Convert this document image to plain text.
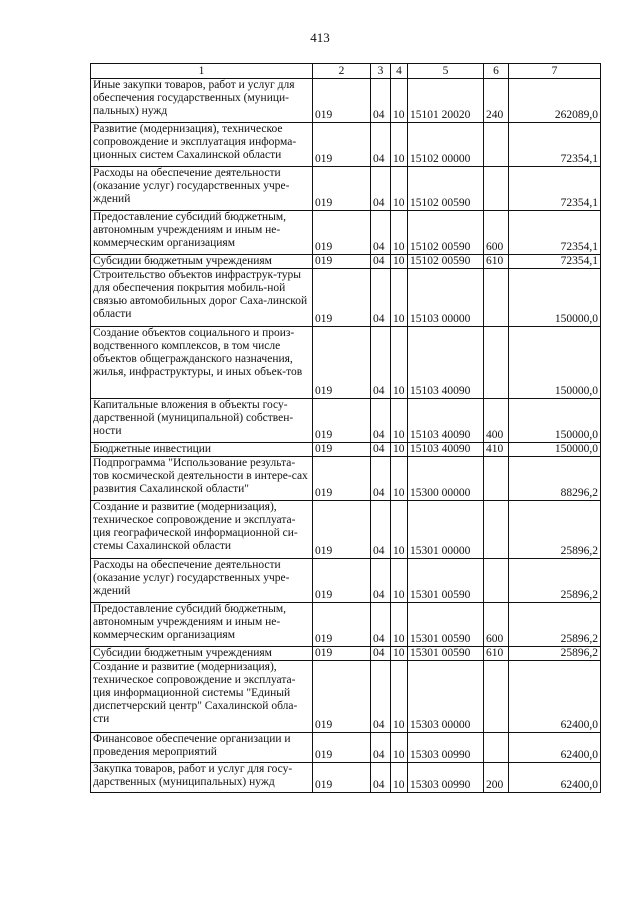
413
1	2	3	4	5	6	7
Иные закупки товаров, работ и услуг для обеспечения государственных (муници-пальных) нужд	019	04	10	15101 20020	240	262089,0
Развитие (модернизация), техническое сопровождение и эксплуатация информа-ционных систем Сахалинской области	019	04	10	15102 00000		72354,1
Расходы на обеспечение деятельности (оказание услуг) государственных учре-ждений	019	04	10	15102 00590		72354,1
Предоставление субсидий бюджетным, автономным учреждениям и иным не-коммерческим организациям	019	04	10	15102 00590	600	72354,1
Субсидии бюджетным учреждениям	019	04	10	15102 00590	610	72354,1
Строительство объектов инфраструк-туры для обеспечения покрытия мобиль-ной связью автомобильных дорог Саха-линской области	019	04	10	15103 00000		150000,0
Создание объектов социального и произ-водственного комплексов, в том числе объектов общегражданского назначения, жилья, инфраструктуры, и иных объек-тов	019	04	10	15103 40090		150000,0
Капитальные вложения в объекты госу-дарственной (муниципальной) собствен-ности	019	04	10	15103 40090	400	150000,0
Бюджетные инвестиции	019	04	10	15103 40090	410	150000,0
Подпрограмма "Использование результа-тов космической деятельности в интере-сах развития Сахалинской области"	019	04	10	15300 00000		88296,2
Создание и развитие (модернизация), техническое сопровождение и эксплуата-ция географической информационной си-стемы Сахалинской области	019	04	10	15301 00000		25896,2
Расходы на обеспечение деятельности (оказание услуг) государственных учре-ждений	019	04	10	15301 00590		25896,2
Предоставление субсидий бюджетным, автономным учреждениям и иным не-коммерческим организациям	019	04	10	15301 00590	600	25896,2
Субсидии бюджетным учреждениям	019	04	10	15301 00590	610	25896,2
Создание и развитие (модернизация), техническое сопровождение и эксплуата-ция информационной системы "Единый диспетчерский центр" Сахалинской обла-сти	019	04	10	15303 00000		62400,0
Финансовое обеспечение организации и проведения мероприятий	019	04	10	15303 00990		62400,0
Закупка товаров, работ и услуг для госу-дарственных (муниципальных) нужд	019	04	10	15303 00990	200	62400,0
